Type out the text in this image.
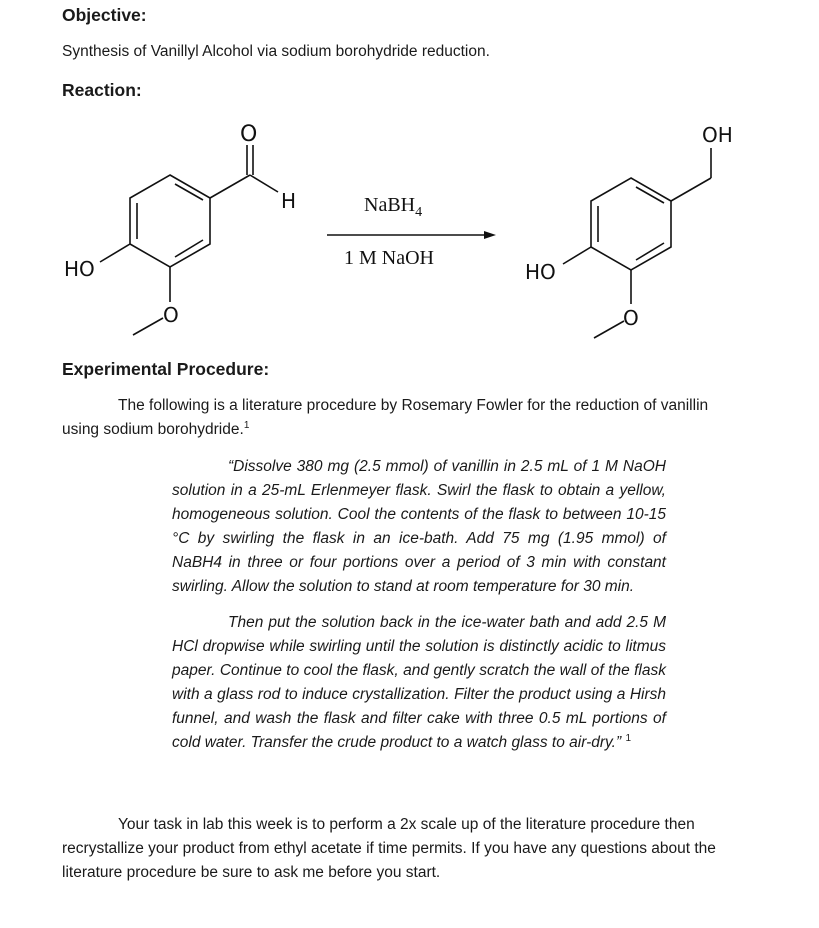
Objective:
Synthesis of Vanillyl Alcohol via sodium borohydride reduction.
Reaction:
O
H
HO
O
NaBH$_4$
1 M NaOH
OH
HO
O
Experimental Procedure:
The following is a literature procedure by Rosemary Fowler for the reduction of vanillin
using sodium borohydride.$^1$

“Dissolve 380 mg (2.5 mmol) of vanillin in 2.5 mL of 1 M NaOH solution in a 25-mL Erlenmeyer flask. Swirl the flask to obtain a yellow, homogeneous solution. Cool the contents of the flask to between 10-15 °C by swirling the flask in an ice-bath. Add 75 mg (1.95 mmol) of NaBH4 in three or four portions over a period of 3 min with constant swirling. Allow the solution to stand at room temperature for 30 min.

Then put the solution back in the ice-water bath and add 2.5 M HCl dropwise while swirling until the solution is distinctly acidic to litmus paper. Continue to cool the flask, and gently scratch the wall of the flask with a glass rod to induce crystallization. Filter the product using a Hirsh funnel, and wash the flask and filter cake with three 0.5 mL portions of cold water. Transfer the crude product to a watch glass to air-dry.” $^1$

Your task in lab this week is to perform a 2x scale up of the literature procedure then
recrystallize your product from ethyl acetate if time permits. If you have any questions about the
literature procedure be sure to ask me before you start.
